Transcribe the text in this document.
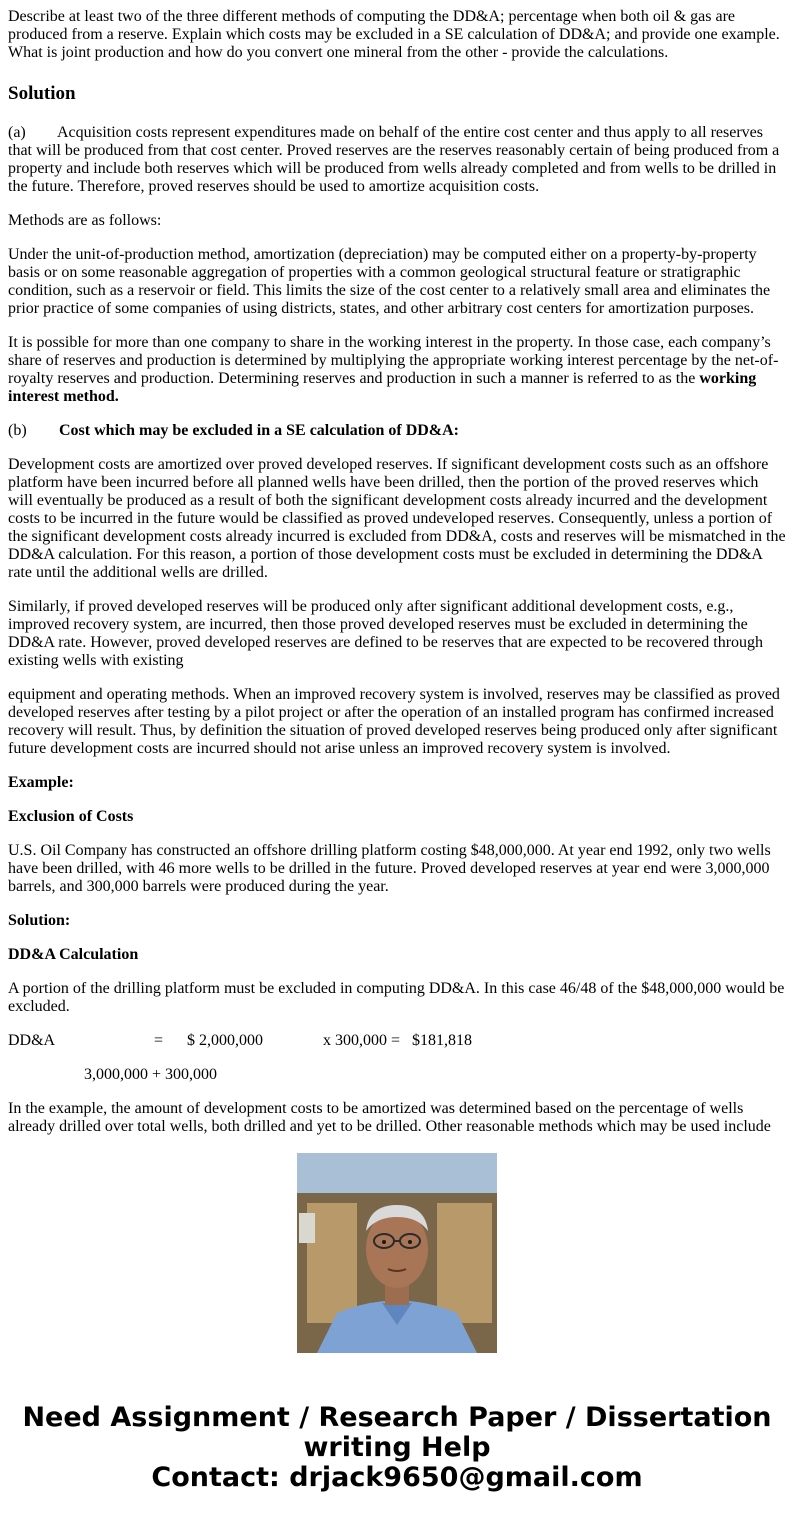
Describe at least two of the three different methods of computing the DD&A; percentage when both oil & gas are produced from a reserve. Explain which costs may be excluded in a SE calculation of DD&A; and provide one example. What is joint production and how do you convert one mineral from the other - provide the calculations.

Solution

(a) Acquisition costs represent expenditures made on behalf of the entire cost center and thus apply to all reserves that will be produced from that cost center. Proved reserves are the reserves reasonably certain of being produced from a property and include both reserves which will be produced from wells already completed and from wells to be drilled in the future. Therefore, proved reserves should be used to amortize acquisition costs.

Methods are as follows:

Under the unit-of-production method, amortization (depreciation) may be computed either on a property-by-property basis or on some reasonable aggregation of properties with a common geological structural feature or stratigraphic condition, such as a reservoir or field. This limits the size of the cost center to a relatively small area and eliminates the prior practice of some companies of using districts, states, and other arbitrary cost centers for amortization purposes.

It is possible for more than one company to share in the working interest in the property. In those case, each company’s share of reserves and production is determined by multiplying the appropriate working interest percentage by the net-of-royalty reserves and production. Determining reserves and production in such a manner is referred to as the working interest method.

(b) Cost which may be excluded in a SE calculation of DD&A:

Development costs are amortized over proved developed reserves. If significant development costs such as an offshore platform have been incurred before all planned wells have been drilled, then the portion of the proved reserves which will eventually be produced as a result of both the significant development costs already incurred and the development costs to be incurred in the future would be classified as proved undeveloped reserves. Consequently, unless a portion of the significant development costs already incurred is excluded from DD&A, costs and reserves will be mismatched in the DD&A calculation. For this reason, a portion of those development costs must be excluded in determining the DD&A rate until the additional wells are drilled.

Similarly, if proved developed reserves will be produced only after significant additional development costs, e.g., improved recovery system, are incurred, then those proved developed reserves must be excluded in determining the DD&A rate. However, proved developed reserves are defined to be reserves that are expected to be recovered through existing wells with existing

equipment and operating methods. When an improved recovery system is involved, reserves may be classified as proved developed reserves after testing by a pilot project or after the operation of an installed program has confirmed increased recovery will result. Thus, by definition the situation of proved developed reserves being produced only after significant future development costs are incurred should not arise unless an improved recovery system is involved.

Example:

Exclusion of Costs

U.S. Oil Company has constructed an offshore drilling platform costing $48,000,000. At year end 1992, only two wells have been drilled, with 46 more wells to be drilled in the future. Proved developed reserves at year end were 3,000,000 barrels, and 300,000 barrels were produced during the year.

Solution:

DD&A Calculation

A portion of the drilling platform must be excluded in computing DD&A. In this case 46/48 of the $48,000,000 would be excluded.

DD&A	= $ 2,000,000	x 300,000 = $181,818

3,000,000 + 300,000

In the example, the amount of development costs to be amortized was determined based on the percentage of wells already drilled over total wells, both drilled and yet to be drilled. Other reasonable methods which may be used include

Need Assignment / Research Paper / Dissertation
writing Help
Contact: drjack9650@gmail.com
